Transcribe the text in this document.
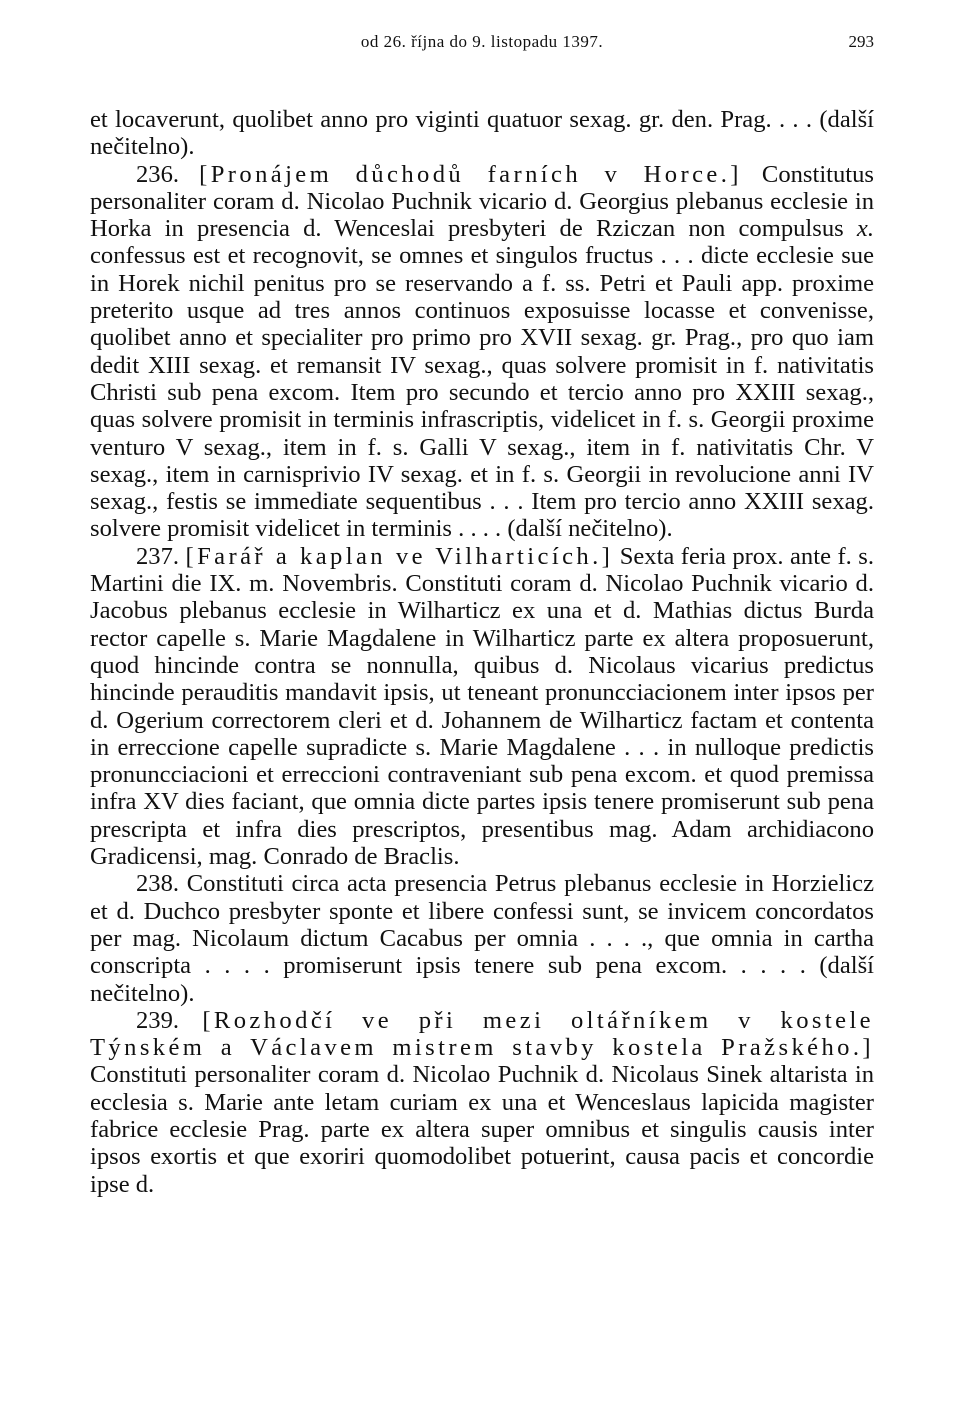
od 26. října do 9. listopadu 1397.	293

et locaverunt, quolibet anno pro viginti quatuor sexag. gr. den. Prag. . . . (další nečitelno).

236. [Pronájem důchodů farních v Horce.] Constitutus personaliter coram d. Nicolao Puchnik vicario d. Georgius plebanus ecclesie in Horka in presencia d. Wenceslai presbyteri de Rziczan non compulsus x. confessus est et recognovit, se omnes et singulos fructus . . . dicte ecclesie sue in Horek nichil penitus pro se reservando a f. ss. Petri et Pauli app. proxime preterito usque ad tres annos continuos exposuisse locasse et convenisse, quolibet anno et specialiter pro primo pro XVII sexag. gr. Prag., pro quo iam dedit XIII sexag. et remansit IV sexag., quas solvere promisit in f. nativitatis Christi sub pena excom. Item pro secundo et tercio anno pro XXIII sexag., quas solvere promisit in terminis infrascriptis, videlicet in f. s. Georgii proxime venturo V sexag., item in f. s. Galli V sexag., item in f. nativitatis Chr. V sexag., item in carnisprivio IV sexag. et in f. s. Georgii in revolucione anni IV sexag., festis se immediate sequentibus . . . Item pro tercio anno XXIII sexag. solvere promisit videlicet in terminis . . . . (další nečitelno).

237. [Farář a kaplan ve Vilharticích.] Sexta feria prox. ante f. s. Martini die IX. m. Novembris. Constituti coram d. Nicolao Puchnik vicario d. Jacobus plebanus ecclesie in Wilharticz ex una et d. Mathias dictus Burda rector capelle s. Marie Magdalene in Wilharticz parte ex altera proposuerunt, quod hincinde contra se nonnulla, quibus d. Nicolaus vicarius predictus hincinde perauditis mandavit ipsis, ut teneant pronuncciacionem inter ipsos per d. Ogerium correctorem cleri et d. Johannem de Wilharticz factam et contenta in erreccione capelle supradicte s. Marie Magdalene . . . in nulloque predictis pronuncciacioni et erreccioni contraveniant sub pena excom. et quod premissa infra XV dies faciant, que omnia dicte partes ipsis tenere promiserunt sub pena prescripta et infra dies prescriptos, presentibus mag. Adam archidiacono Gradicensi, mag. Conrado de Braclis.

238. Constituti circa acta presencia Petrus plebanus ecclesie in Horzielicz et d. Duchco presbyter sponte et libere confessi sunt, se invicem concordatos per mag. Nicolaum dictum Cacabus per omnia . . . ., que omnia in cartha conscripta . . . . promiserunt ipsis tenere sub pena excom. . . . . (další nečitelno).

239. [Rozhodčí ve při mezi oltářníkem v kostele Týnském a Václavem mistrem stavby kostela Pražského.] Constituti personaliter coram d. Nicolao Puchnik d. Nicolaus Sinek altarista in ecclesia s. Marie ante letam curiam ex una et Wenceslaus lapicida magister fabrice ecclesie Prag. parte ex altera super omnibus et singulis causis inter ipsos exortis et que exoriri quomodolibet potuerint, causa pacis et concordie ipse d.
